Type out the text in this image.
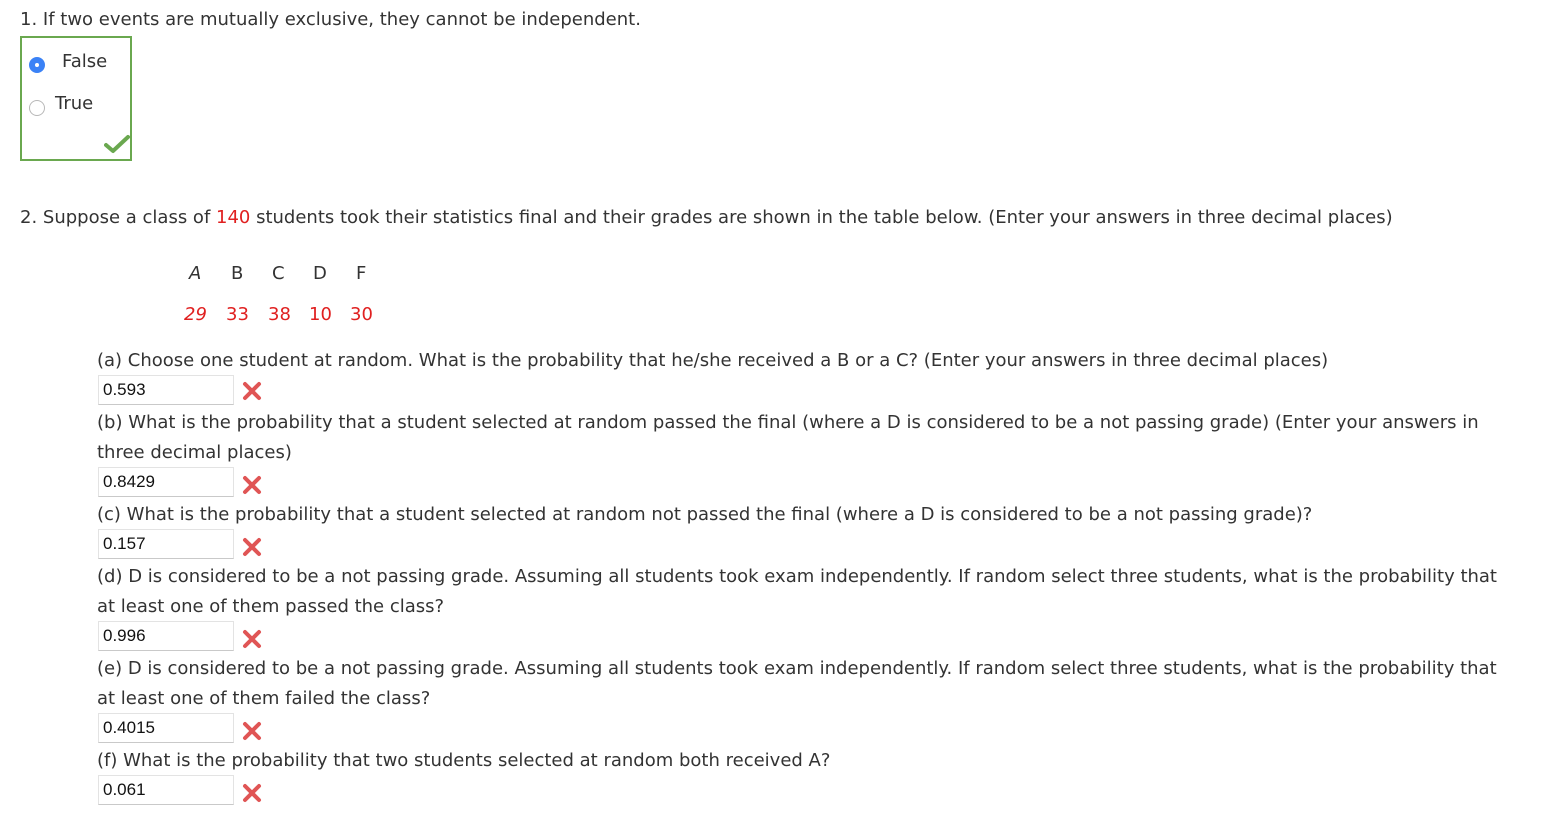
1. If two events are mutually exclusive, they cannot be independent.
False
True
2. Suppose a class of 140 students took their statistics final and their grades are shown in the table below. (Enter your answers in three decimal places)
A B C D F
29 33 38 10 30
(a) Choose one student at random. What is the probability that he/she received a B or a C? (Enter your answers in three decimal places)
0.593
(b) What is the probability that a student selected at random passed the final (where a D is considered to be a not passing grade) (Enter your answers in three decimal places)
0.8429
(c) What is the probability that a student selected at random not passed the final (where a D is considered to be a not passing grade)?
0.157
(d) D is considered to be a not passing grade. Assuming all students took exam independently. If random select three students, what is the probability that at least one of them passed the class?
0.996
(e) D is considered to be a not passing grade. Assuming all students took exam independently. If random select three students, what is the probability that at least one of them failed the class?
0.4015
(f) What is the probability that two students selected at random both received A?
0.061
